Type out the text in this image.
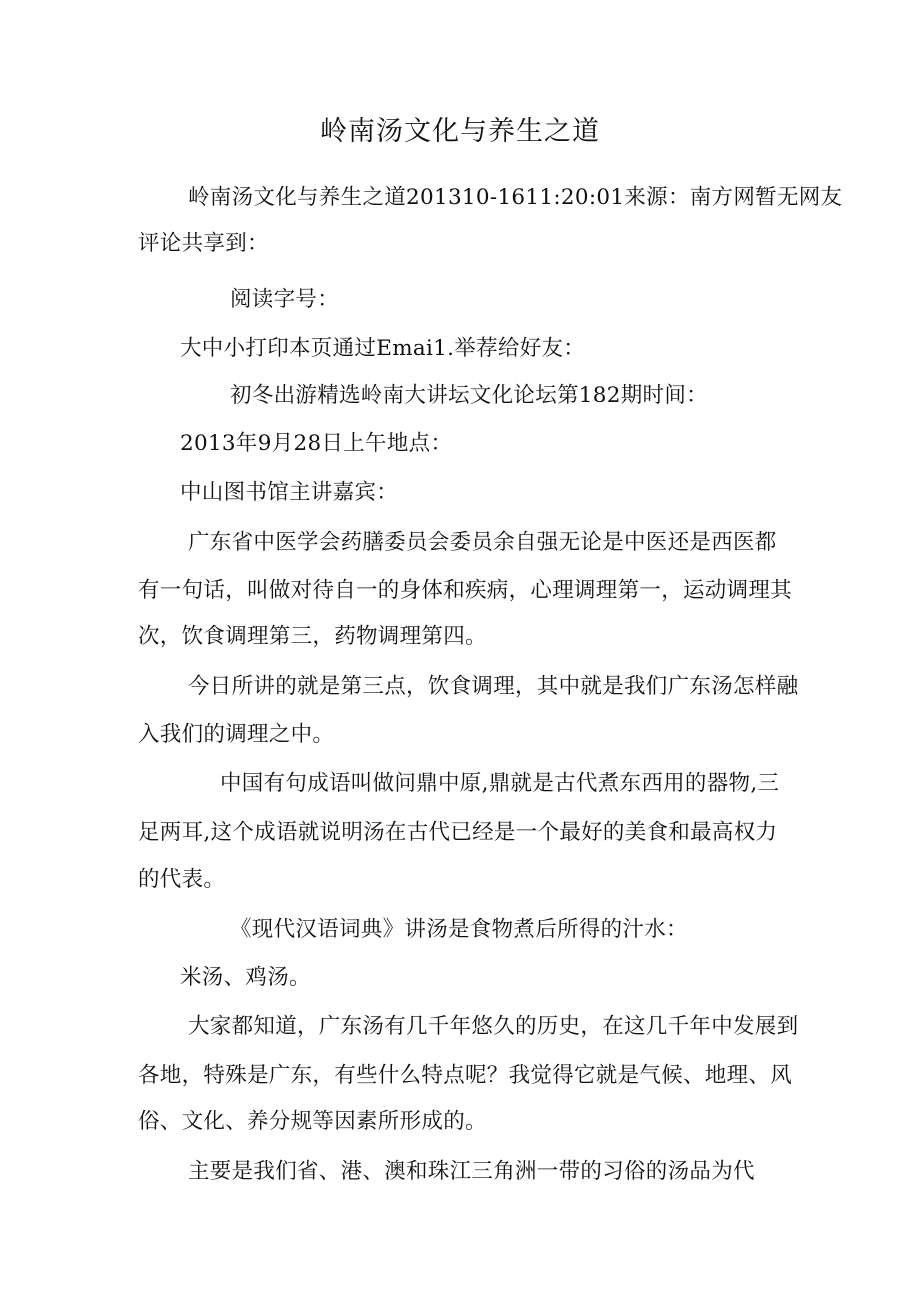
岭南汤文化与养生之道
岭南汤文化与养生之道201310-1611:20:01来源：南方网暂无网友
评论共享到：
阅读字号：
大中小打印本页通过Emai1.举荐给好友：
初冬出游精选岭南大讲坛文化论坛第182期时间：
2013年9月28日上午地点：
中山图书馆主讲嘉宾：
广东省中医学会药膳委员会委员余自强无论是中医还是西医都
有一句话，叫做对待自一的身体和疾病，心理调理第一，运动调理其
次，饮食调理第三，药物调理第四。
今日所讲的就是第三点，饮食调理，其中就是我们广东汤怎样融
入我们的调理之中。
中国有句成语叫做问鼎中原,鼎就是古代煮东西用的器物,三
足两耳,这个成语就说明汤在古代已经是一个最好的美食和最高权力
的代表。
《现代汉语词典》讲汤是食物煮后所得的汁水：
米汤、鸡汤。
大家都知道，广东汤有几千年悠久的历史，在这几千年中发展到
各地，特殊是广东，有些什么特点呢？我觉得它就是气候、地理、风
俗、文化、养分规等因素所形成的。
主要是我们省、港、澳和珠江三角洲一带的习俗的汤品为代
